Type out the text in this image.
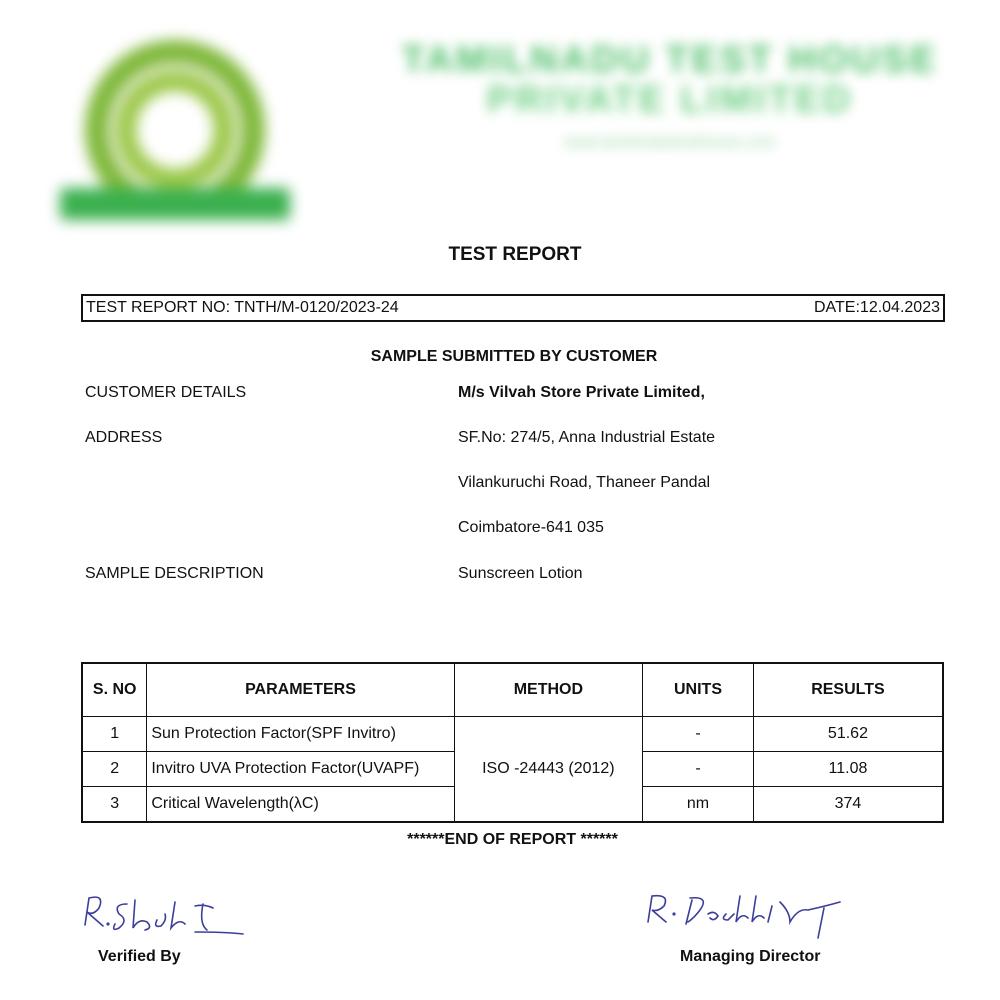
TAMILNADU TEST HOUSE
PRIVATE LIMITED
www.tamilnadutesthouse.com
TEST REPORT
TEST REPORT NO: TNTH/M-0120/2023-24	DATE:12.04.2023
SAMPLE SUBMITTED BY CUSTOMER
CUSTOMER DETAILS	M/s Vilvah Store Private Limited,
ADDRESS	SF.No: 274/5, Anna Industrial Estate
Vilankuruchi Road, Thaneer Pandal
Coimbatore-641 035
SAMPLE DESCRIPTION	Sunscreen Lotion
S. NO	PARAMETERS	METHOD	UNITS	RESULTS
1	Sun Protection Factor(SPF Invitro)	ISO -24443 (2012)	-	51.62
2	Invitro UVA Protection Factor(UVAPF)		-	11.08
3	Critical Wavelength(λC)		nm	374
******END OF REPORT ******
Verified By	Managing Director
